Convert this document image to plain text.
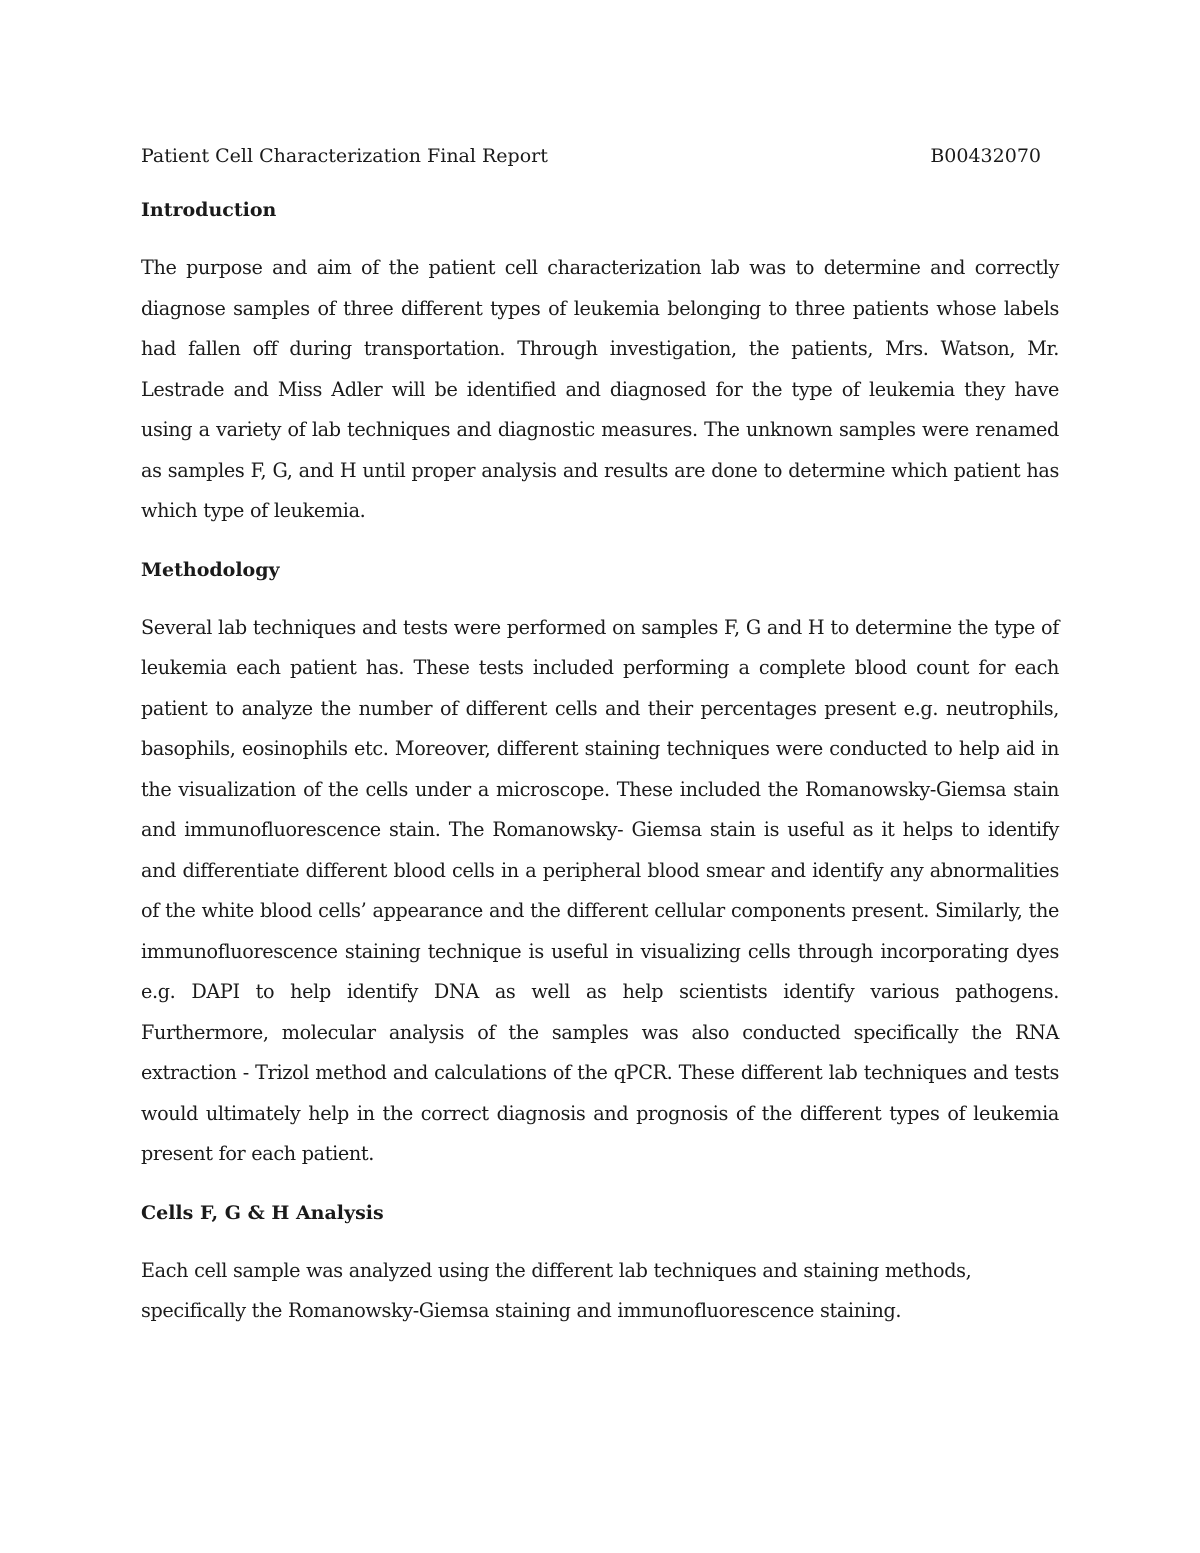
Patient Cell Characterization Final Report	B00432070
Introduction

The purpose and aim of the patient cell characterization lab was to determine and correctly diagnose samples of three different types of leukemia belonging to three patients whose labels had fallen off during transportation. Through investigation, the patients, Mrs. Watson, Mr. Lestrade and Miss Adler will be identified and diagnosed for the type of leukemia they have using a variety of lab techniques and diagnostic measures. The unknown samples were renamed as samples F, G, and H until proper analysis and results are done to determine which patient has which type of leukemia.

Methodology

Several lab techniques and tests were performed on samples F, G and H to determine the type of leukemia each patient has. These tests included performing a complete blood count for each patient to analyze the number of different cells and their percentages present e.g. neutrophils, basophils, eosinophils etc. Moreover, different staining techniques were conducted to help aid in the visualization of the cells under a microscope. These included the Romanowsky-Giemsa stain and immunofluorescence stain. The Romanowsky- Giemsa stain is useful as it helps to identify and differentiate different blood cells in a peripheral blood smear and identify any abnormalities of the white blood cells’ appearance and the different cellular components present. Similarly, the immunofluorescence staining technique is useful in visualizing cells through incorporating dyes e.g. DAPI to help identify DNA as well as help scientists identify various pathogens. Furthermore, molecular analysis of the samples was also conducted specifically the RNA extraction - Trizol method and calculations of the qPCR. These different lab techniques and tests would ultimately help in the correct diagnosis and prognosis of the different types of leukemia present for each patient.

Cells F, G & H Analysis

Each cell sample was analyzed using the different lab techniques and staining methods, specifically the Romanowsky-Giemsa staining and immunofluorescence staining.
